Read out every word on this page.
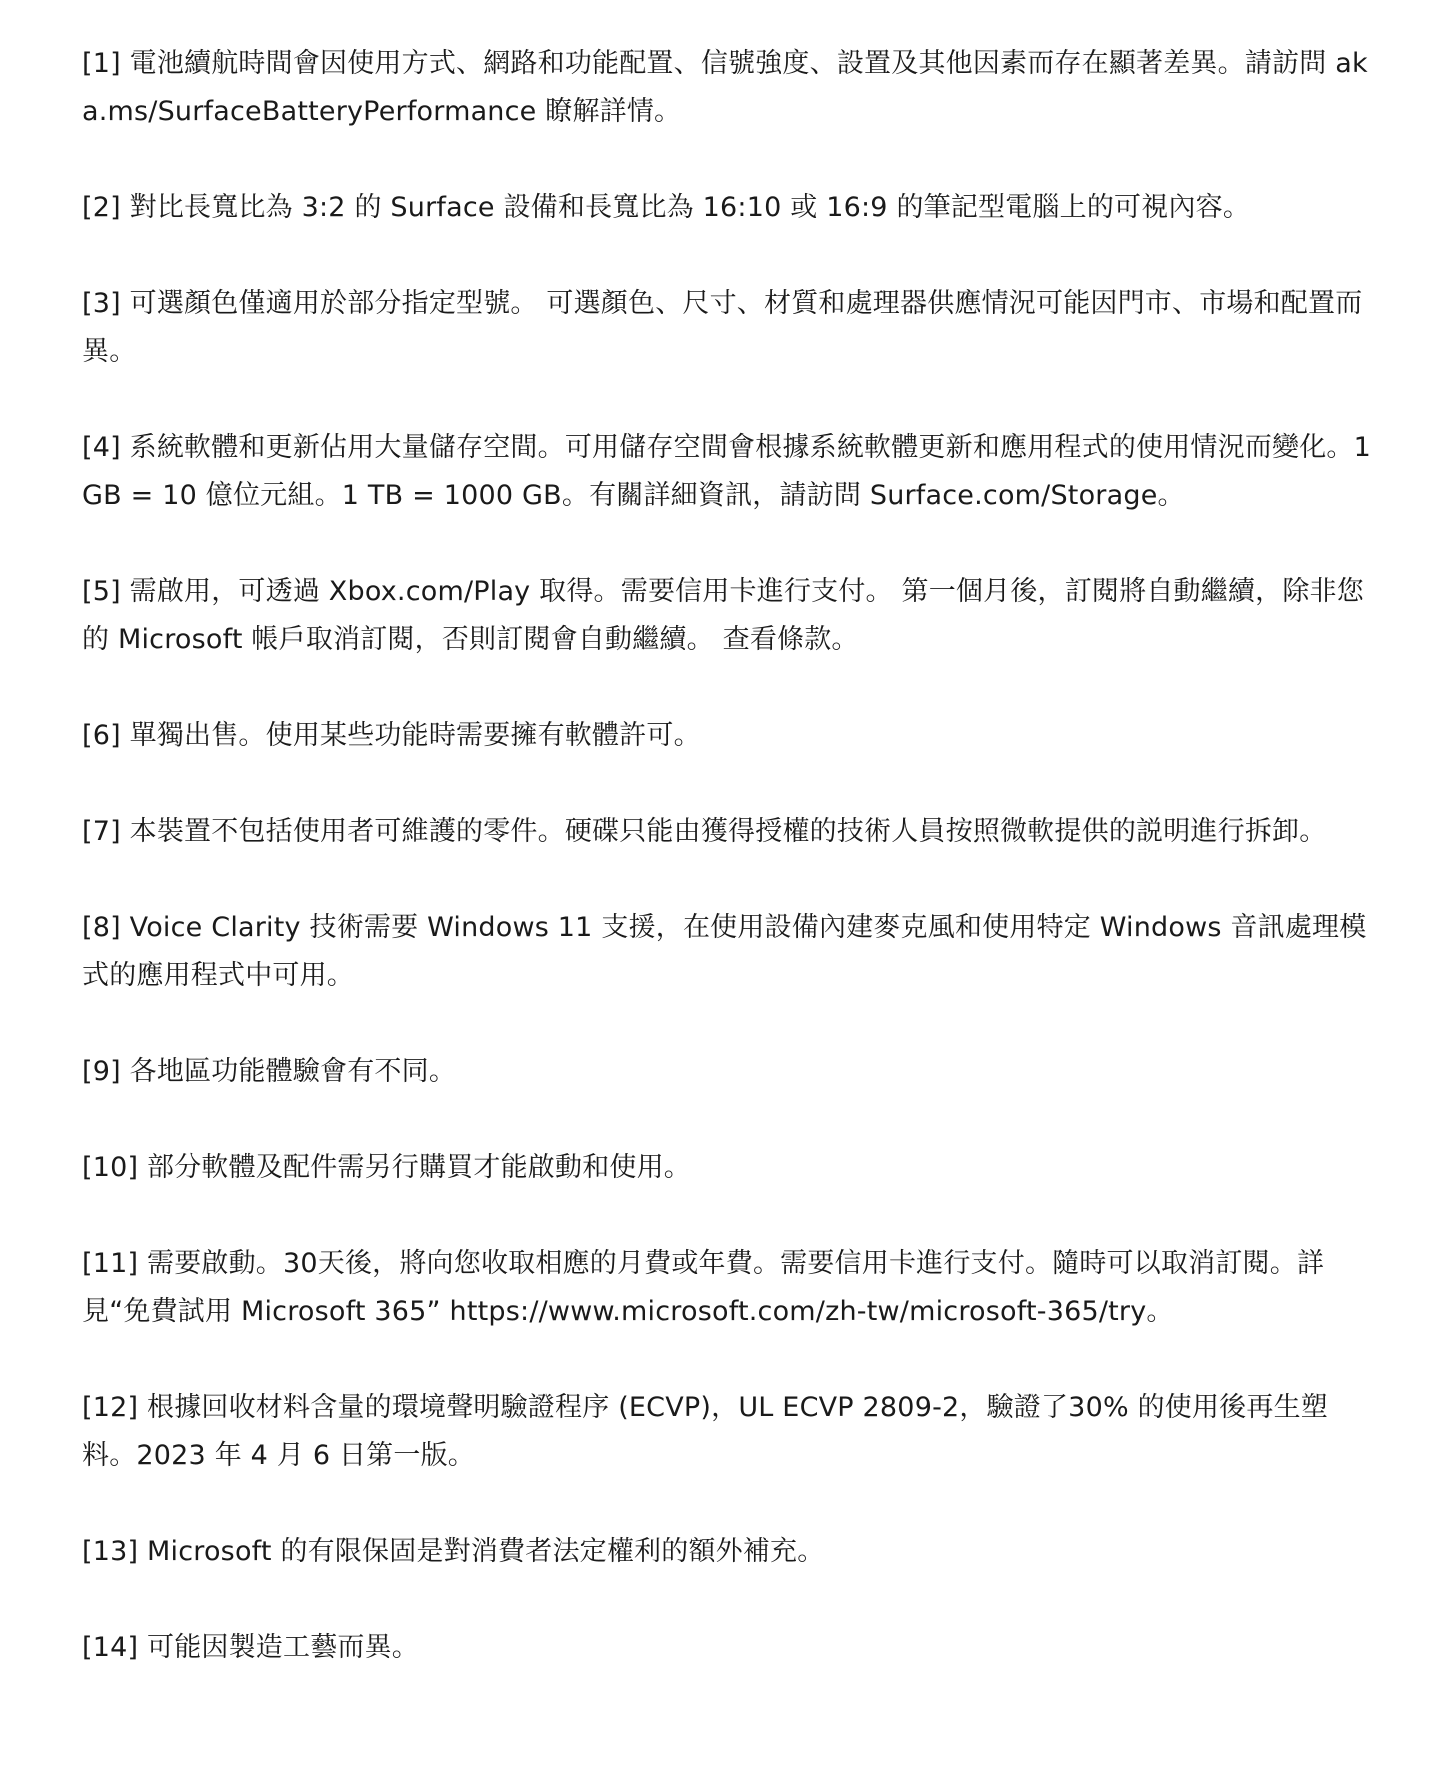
[1] 電池續航時間會因使用方式、網路和功能配置、信號強度、設置及其他因素而存在顯著差異。請訪問 aka.ms/SurfaceBatteryPerformance 瞭解詳情。
[2] 對比長寬比為 3:2 的 Surface 設備和長寬比為 16:10 或 16:9 的筆記型電腦上的可視內容。
[3] 可選顏色僅適用於部分指定型號。 可選顏色、尺寸、材質和處理器供應情況可能因門市、市場和配置而異。
[4] 系統軟體和更新佔用大量儲存空間。可用儲存空間會根據系統軟體更新和應用程式的使用情況而變化。1GB = 10 億位元組。1 TB = 1000 GB。有關詳細資訊，請訪問 Surface.com/Storage。
[5] 需啟用，可透過 Xbox.com/Play 取得。需要信用卡進行支付。 第一個月後，訂閱將自動繼續，除非您的 Microsoft 帳戶取消訂閱，否則訂閱會自動繼續。 查看條款。
[6] 單獨出售。使用某些功能時需要擁有軟體許可。
[7] 本裝置不包括使用者可維護的零件。硬碟只能由獲得授權的技術人員按照微軟提供的説明進行拆卸。
[8] Voice Clarity 技術需要 Windows 11 支援，在使用設備內建麥克風和使用特定 Windows 音訊處理模式的應用程式中可用。
[9] 各地區功能體驗會有不同。
[10] 部分軟體及配件需另行購買才能啟動和使用。
[11] 需要啟動。30天後，將向您收取相應的月費或年費。需要信用卡進行支付。隨時可以取消訂閱。詳見“免費試用 Microsoft 365” https://www.microsoft.com/zh-tw/microsoft-365/try。
[12] 根據回收材料含量的環境聲明驗證程序 (ECVP)，UL ECVP 2809-2，驗證了30% 的使用後再生塑料。2023 年 4 月 6 日第一版。
[13] Microsoft 的有限保固是對消費者法定權利的額外補充。
[14] 可能因製造工藝而異。
